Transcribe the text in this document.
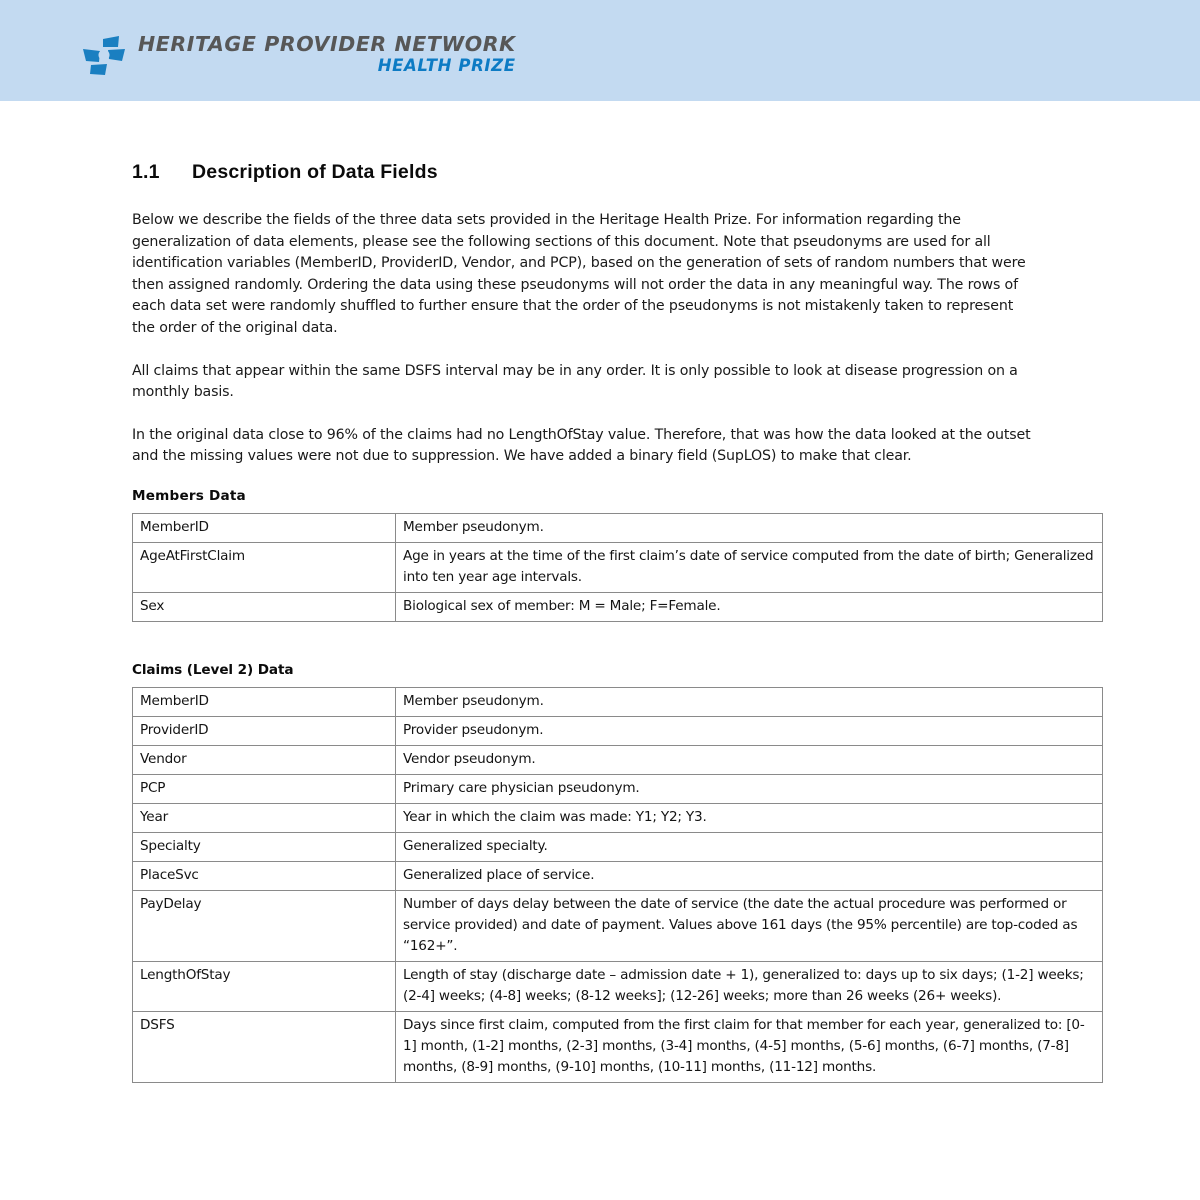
HERITAGE PROVIDER NETWORK
HEALTH PRIZE
1.1 Description of Data Fields

Below we describe the fields of the three data sets provided in the Heritage Health Prize. For information regarding the generalization of data elements, please see the following sections of this document. Note that pseudonyms are used for all identification variables (MemberID, ProviderID, Vendor, and PCP), based on the generation of sets of random numbers that were then assigned randomly. Ordering the data using these pseudonyms will not order the data in any meaningful way. The rows of each data set were randomly shuffled to further ensure that the order of the pseudonyms is not mistakenly taken to represent the order of the original data.

All claims that appear within the same DSFS interval may be in any order. It is only possible to look at disease progression on a monthly basis.

In the original data close to 96% of the claims had no LengthOfStay value. Therefore, that was how the data looked at the outset and the missing values were not due to suppression. We have added a binary field (SupLOS) to make that clear.

Members Data
MemberID	Member pseudonym.
AgeAtFirstClaim	Age in years at the time of the first claim’s date of service computed from the date of birth; Generalized into ten year age intervals.
Sex	Biological sex of member: M = Male; F=Female.
Claims (Level 2) Data
MemberID	Member pseudonym.
ProviderID	Provider pseudonym.
Vendor	Vendor pseudonym.
PCP	Primary care physician pseudonym.
Year	Year in which the claim was made: Y1; Y2; Y3.
Specialty	Generalized specialty.
PlaceSvc	Generalized place of service.
PayDelay	Number of days delay between the date of service (the date the actual procedure was performed or service provided) and date of payment. Values above 161 days (the 95% percentile) are top-coded as “162+”.
LengthOfStay	Length of stay (discharge date – admission date + 1), generalized to: days up to six days; (1-2] weeks; (2-4] weeks; (4-8] weeks; (8-12 weeks]; (12-26] weeks; more than 26 weeks (26+ weeks).
DSFS	Days since first claim, computed from the first claim for that member for each year, generalized to: [0-1] month, (1-2] months, (2-3] months, (3-4] months, (4-5] months, (5-6] months, (6-7] months, (7-8] months, (8-9] months, (9-10] months, (10-11] months, (11-12] months.
